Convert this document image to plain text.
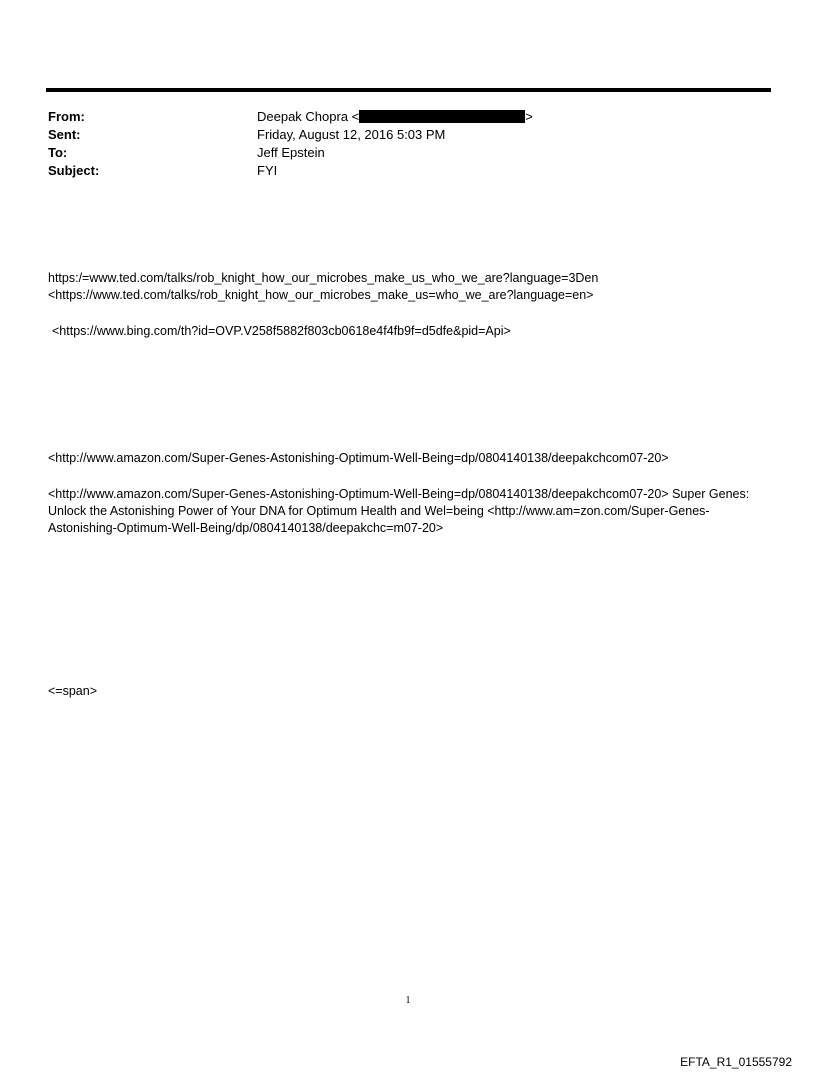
From:	Deepak Chopra <	>
Sent:	Friday, August 12, 2016 5:03 PM
To:	Jeff Epstein
Subject:	FYI
https:/=www.ted.com/talks/rob_knight_how_our_microbes_make_us_who_we_are?language=3Den
<https://www.ted.com/talks/rob_knight_how_our_microbes_make_us=who_we_are?language=en>
<https://www.bing.com/th?id=OVP.V258f5882f803cb0618e4f4fb9f=d5dfe&pid=Api>
<http://www.amazon.com/Super-Genes-Astonishing-Optimum-Well-Being=dp/0804140138/deepakchcom07-20>
<http://www.amazon.com/Super-Genes-Astonishing-Optimum-Well-Being=dp/0804140138/deepakchcom07-20> Super Genes: Unlock the Astonishing Power of Your DNA for Optimum Health and Wel=being <http://www.am=zon.com/Super-Genes-Astonishing-Optimum-Well-Being/dp/0804140138/deepakchc=m07-20>
<=span>
1
EFTA_R1_01555792
